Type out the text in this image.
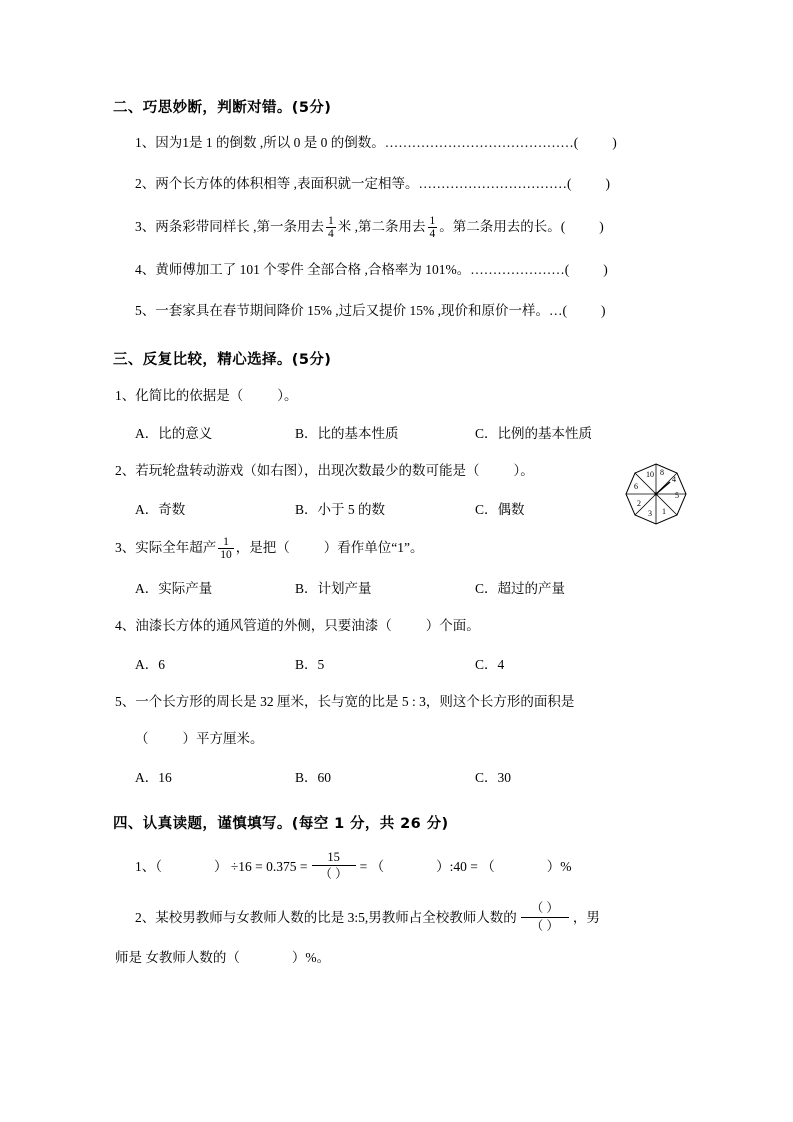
二、巧思妙断，判断对错。(5分)
1、因为1是 1 的倒数 ,所以 0 是 0 的倒数。……………………………………(	)
2、两个长方体的体积相等 ,表面积就一定相等。……………………………(	)
3、两条彩带同样长 ,第一条用去 $\frac{1}{4}$ 米 ,第二条用去 $\frac{1}{4}$ 。第二条用去的长。(	)
4、黄师傅加工了 101 个零件 全部合格 ,合格率为 101%。…………………(	)
5、一套家具在春节期间降价 15% ,过后又提价 15% ,现价和原价一样。…(	)
三、反复比较，精心选择。(5分)
1、化简比的依据是（	）。
A．比的意义	B．比的基本性质	C．比例的基本性质
2、若玩轮盘转动游戏（如右图），出现次数最少的数可能是（	）。
A．奇数	B．小于 5 的数	C．偶数
3、实际全年超产 $\frac{1}{10}$ ，是把（	）看作单位“1”。
A．实际产量	B．计划产量	C．超过的产量
4、油漆长方体的通风管道的外侧，只要油漆（	）个面。
A．6	B．5	C．4
5、一个长方形的周长是 32 厘米，长与宽的比是 5 : 3，则这个长方形的面积是
（	）平方厘米。
A．16	B．60	C．30
四、认真读题，谨慎填写。(每空 1 分，共 26 分)
1、（	） $\div 16 = 0.375 = \frac{15}{( )}$ = （	）:40 = （	）%
2、某校男教师与女教师人数的比是 3:5,男教师占全校教师人数的 $\frac{( )}{( )}$ ，男
师是 女教师人数的（	）%。
10 8
4
6
5
2
3 1
